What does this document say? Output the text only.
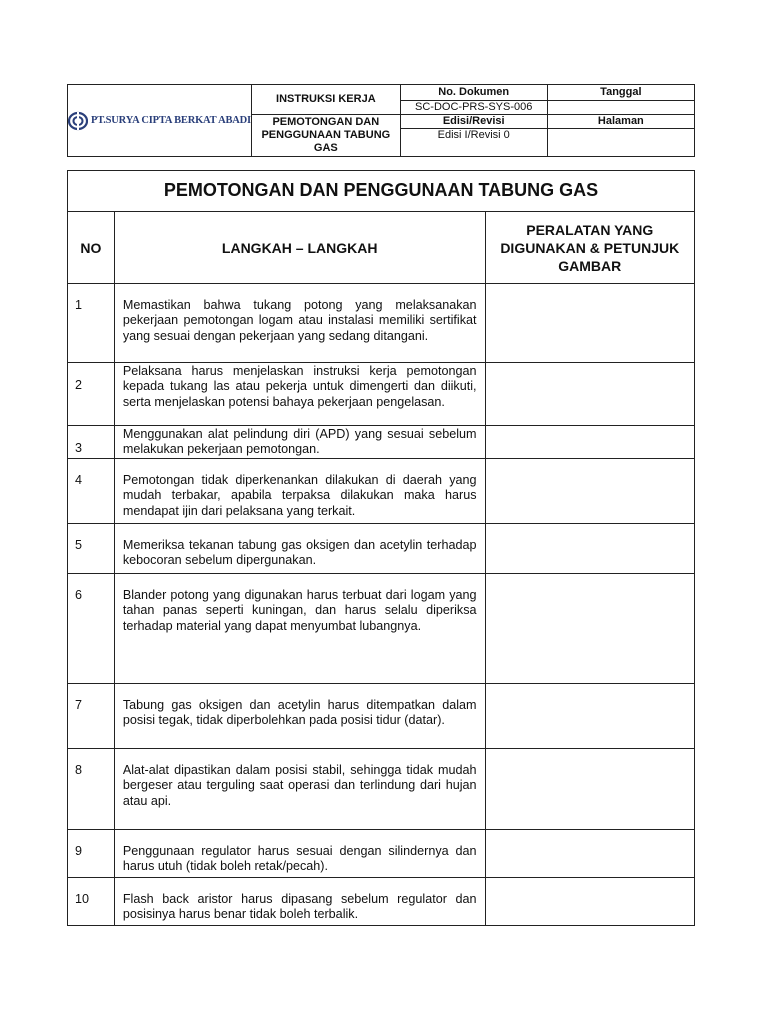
PT.SURYA CIPTA BERKAT ABADI	INSTRUKSI KERJA	No. Dokumen	Tanggal
		SC-DOC-PRS-SYS-006	
	PEMOTONGAN DAN PENGGUNAAN TABUNG GAS	Edisi/Revisi	Halaman
		Edisi I/Revisi 0	
PEMOTONGAN DAN PENGGUNAAN TABUNG GAS		
NO	LANGKAH – LANGKAH	PERALATAN YANG DIGUNAKAN & PETUNJUK GAMBAR
1	Memastikan bahwa tukang potong yang melaksanakan pekerjaan pemotongan logam atau instalasi memiliki sertifikat yang sesuai dengan pekerjaan yang sedang ditangani.	
2	Pelaksana harus menjelaskan instruksi kerja pemotongan kepada tukang las atau pekerja untuk dimengerti dan diikuti, serta menjelaskan potensi bahaya pekerjaan pengelasan.	
3	Menggunakan alat pelindung diri (APD) yang sesuai sebelum melakukan pekerjaan pemotongan.	
4	Pemotongan tidak diperkenankan dilakukan di daerah yang mudah terbakar, apabila terpaksa dilakukan maka harus mendapat ijin dari pelaksana yang terkait.	
5	Memeriksa tekanan tabung gas oksigen dan acetylin terhadap kebocoran sebelum dipergunakan.	
6	Blander potong yang digunakan harus terbuat dari logam yang tahan panas seperti kuningan, dan harus selalu diperiksa terhadap material yang dapat menyumbat lubangnya.	
7	Tabung gas oksigen dan acetylin harus ditempatkan dalam posisi tegak, tidak diperbolehkan pada posisi tidur (datar).	
8	Alat-alat dipastikan dalam posisi stabil, sehingga tidak mudah bergeser atau terguling saat operasi dan terlindung dari hujan atau api.	
9	Penggunaan regulator harus sesuai dengan silindernya dan harus utuh (tidak boleh retak/pecah).	
10	Flash back aristor harus dipasang sebelum regulator dan posisinya harus benar tidak boleh terbalik.	
